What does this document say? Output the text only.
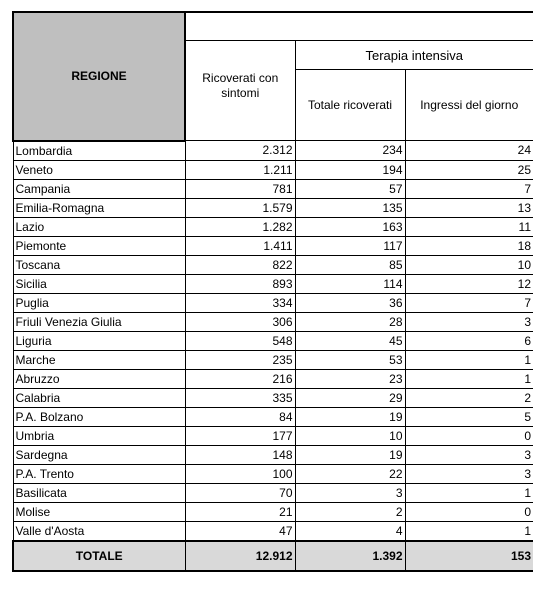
REGIONE			
	Ricoverati con sintomi	Terapia intensiva	
		Totale ricoverati	Ingressi del giorno
Lombardia	2.312	234	24
Veneto	1.211	194	25
Campania	781	57	7
Emilia-Romagna	1.579	135	13
Lazio	1.282	163	11
Piemonte	1.411	117	18
Toscana	822	85	10
Sicilia	893	114	12
Puglia	334	36	7
Friuli Venezia Giulia	306	28	3
Liguria	548	45	6
Marche	235	53	1
Abruzzo	216	23	1
Calabria	335	29	2
P.A. Bolzano	84	19	5
Umbria	177	10	0
Sardegna	148	19	3
P.A. Trento	100	22	3
Basilicata	70	3	1
Molise	21	2	0
Valle d'Aosta	47	4	1
TOTALE	12.912	1.392	153
